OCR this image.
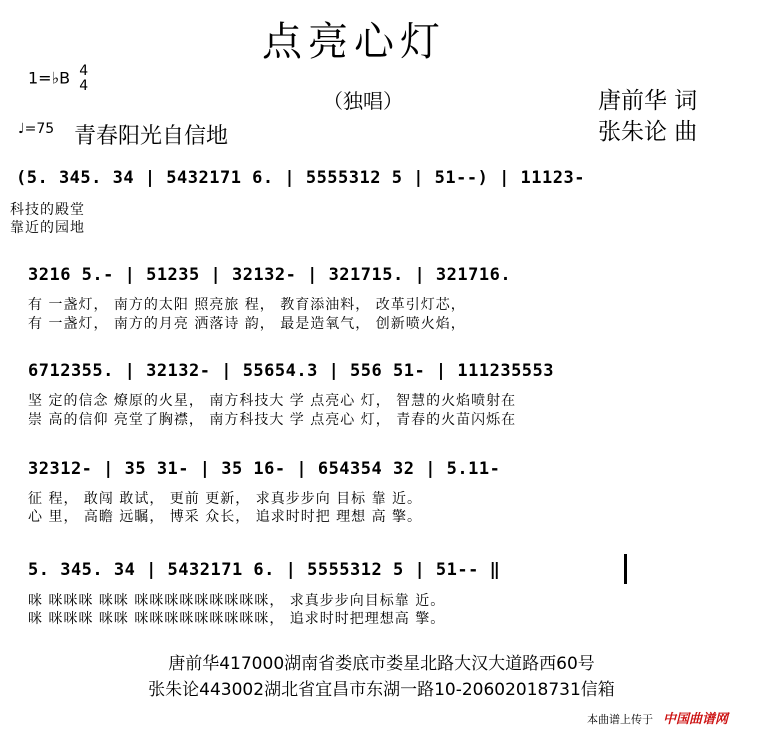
点亮心灯
（独唱）	唐前华 词
张朱论 曲
1=♭B 4
4
♩=75 青春阳光自信地
(5. 345. 34 | 5432171 6. | 5555312 5 | 51--) | 11123-
科技的殿堂
靠近的园地
3216 5.- | 51235 | 32132- | 321715. | 321716.
有 一盏灯， 南方的太阳 照亮旅 程， 教育添油料， 改革引灯芯，
有 一盏灯， 南方的月亮 洒落诗 韵， 最是造氧气， 创新喷火焰，
6712355. | 32132- | 55654.3 | 556 51- | 111235553
坚 定的信念 燎原的火星， 南方科技大 学 点亮心 灯， 智慧的火焰喷射在
崇 高的信仰 亮堂了胸襟， 南方科技大 学 点亮心 灯， 青春的火苗闪烁在
32312- | 35 31- | 35 16- | 654354 32 | 5.11-
征 程， 敢闯 敢试， 更前 更新， 求真步步向 目标 靠 近。
心 里， 高瞻 远瞩， 博采 众长， 追求时时把 理想 高 擎。
5. 345. 34 | 5432171 6. | 5555312 5 | 51-- ‖
咪 咪咪咪 咪咪 咪咪咪咪咪咪咪咪咪， 求真步步向目标靠 近。
咪 咪咪咪 咪咪 咪咪咪咪咪咪咪咪咪， 追求时时把理想高 擎。
唐前华417000湖南省娄底市娄星北路大汉大道路西60号
张朱论443002湖北省宜昌市东湖一路10-20602018731信箱
本曲谱上传于 中国曲谱网
